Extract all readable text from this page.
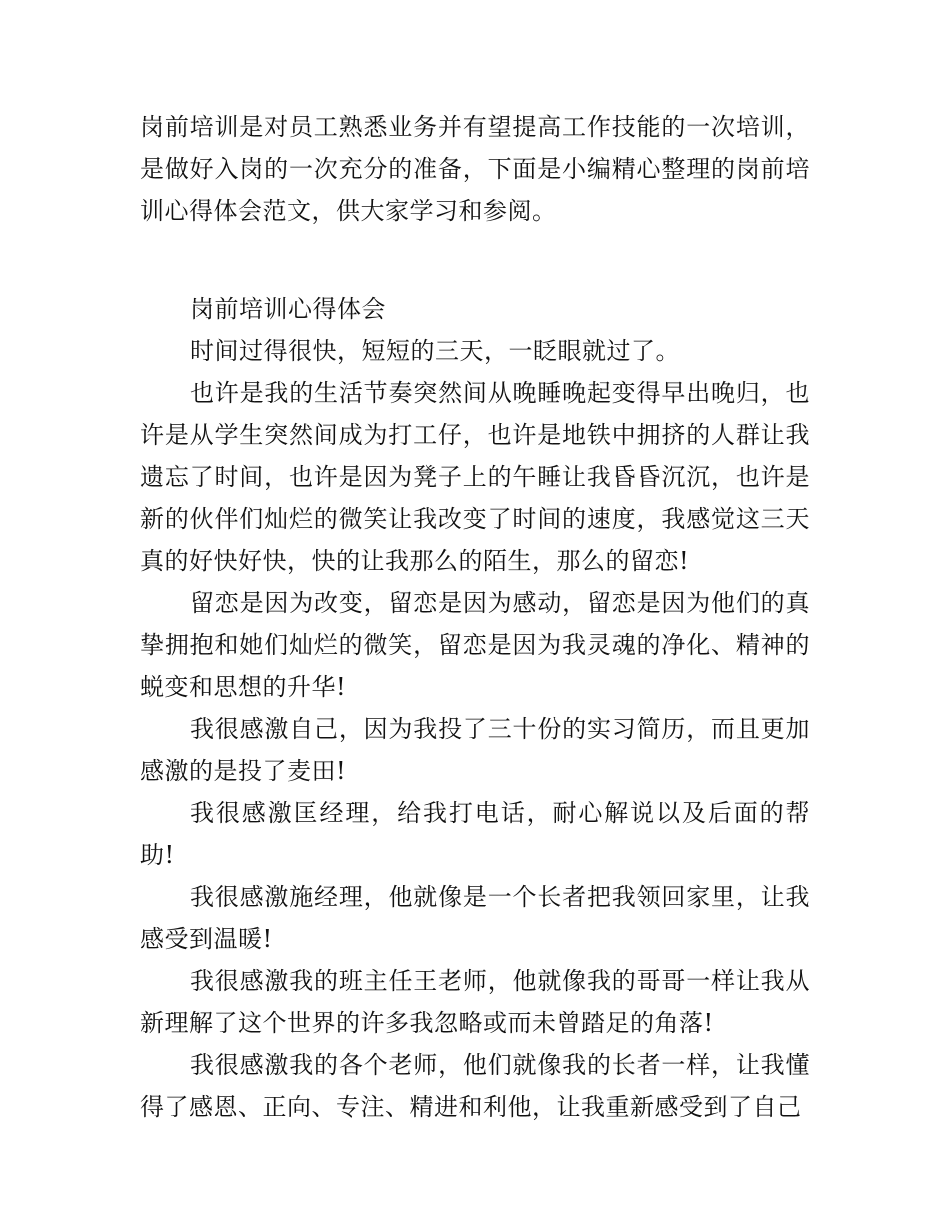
岗前培训是对员工熟悉业务并有望提高工作技能的一次培训，是做好入岗的一次充分的准备，下面是小编精心整理的岗前培训心得体会范文，供大家学习和参阅。

岗前培训心得体会

时间过得很快，短短的三天，一眨眼就过了。

也许是我的生活节奏突然间从晚睡晚起变得早出晚归，也许是从学生突然间成为打工仔，也许是地铁中拥挤的人群让我遗忘了时间，也许是因为凳子上的午睡让我昏昏沉沉，也许是新的伙伴们灿烂的微笑让我改变了时间的速度，我感觉这三天真的好快好快，快的让我那么的陌生，那么的留恋!

留恋是因为改变，留恋是因为感动，留恋是因为他们的真挚拥抱和她们灿烂的微笑，留恋是因为我灵魂的净化、精神的蜕变和思想的升华!

我很感激自己，因为我投了三十份的实习简历，而且更加感激的是投了麦田!

我很感激匡经理，给我打电话，耐心解说以及后面的帮助!

我很感激施经理，他就像是一个长者把我领回家里，让我感受到温暖!

我很感激我的班主任王老师，他就像我的哥哥一样让我从新理解了这个世界的许多我忽略或而未曾踏足的角落!

我很感激我的各个老师，他们就像我的长者一样，让我懂得了感恩、正向、专注、精进和利他，让我重新感受到了自己
